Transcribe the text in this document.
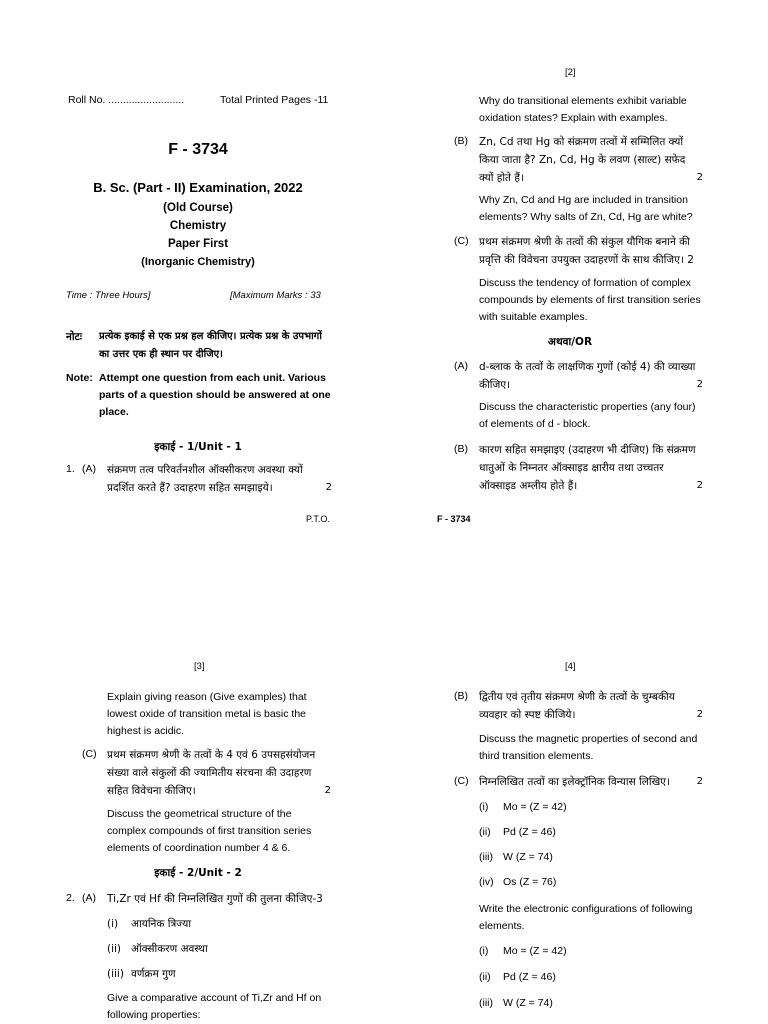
Roll No. ..........................	Total Printed Pages -11
F - 3734
B. Sc. (Part - II) Examination, 2022
(Old Course)
Chemistry
Paper First
(Inorganic Chemistry)
Time : Three Hours]	[Maximum Marks : 33
नोटः प्रत्येक इकाई से एक प्रश्न हल कीजिए। प्रत्येक प्रश्न के उपभागों का उत्तर एक ही स्थान पर दीजिए।
Note: Attempt one question from each unit. Various parts of a question should be answered at one place.
इकाई - 1/Unit - 1
1. (A) संक्रमण तत्व परिवर्तनशील ऑक्सीकरण अवस्था क्यों प्रदर्शित करते हैं? उदाहरण सहित समझाइये।	2
P.T.O.
[2]
Why do transitional elements exhibit variable oxidation states? Explain with examples.
(B) Zn, Cd तथा Hg को संक्रमण तत्वों में सम्मिलित क्यों किया जाता है? Zn, Cd, Hg के लवण (साल्ट) सफेद क्यों होते हैं।	2
Why Zn, Cd and Hg are included in transition elements? Why salts of Zn, Cd, Hg are white?
(C) प्रथम संक्रमण श्रेणी के तत्वों की संकुल यौगिक बनाने की प्रवृत्ति की विवेचना उपयुक्त उदाहरणों के साथ कीजिए। 2
Discuss the tendency of formation of complex compounds by elements of first transition series with suitable examples.
अथवा/OR
(A) d-ब्लाक के तत्वों के लाक्षणिक गुणों (कोई 4) की व्याख्या कीजिए।	2
Discuss the characteristic properties (any four) of elements of d - block.
(B) कारण सहित समझाइए (उदाहरण भी दीजिए) कि संक्रमण धातुओं के निम्नतर ऑक्साइड क्षारीय तथा उच्चतर ऑक्साइड अम्लीय होते हैं।	2
F - 3734
[3]
Explain giving reason (Give examples) that lowest oxide of transition metal is basic the highest is acidic.
(C) प्रथम संक्रमण श्रेणी के तत्वों के 4 एवं 6 उपसहसंयोजन संख्या वाले संकुलों की ज्यामितीय संरचना की उदाहरण सहित विवेचना कीजिए।	2
Discuss the geometrical structure of the complex compounds of first transition series elements of coordination number 4 & 6.
इकाई - 2/Unit - 2
2. (A) Ti,Zr एवं Hf की निम्नलिखित गुणों की तुलना कीजिए-3
(i) आयनिक त्रिज्या
(ii) ऑक्सीकरण अवस्था
(iii) वर्णक्रम गुण
Give a comparative account of Ti,Zr and Hf on following properties:
[4]
(B) द्वितीय एवं तृतीय संक्रमण श्रेणी के तत्वों के चुम्बकीय व्यवहार को स्पष्ट कीजिये।	2
Discuss the magnetic properties of second and third transition elements.
(C) निम्नलिखित तत्वों का इलेक्ट्रॉनिक विन्यास लिखिए।	2
(i) Mo = (Z = 42)
(ii) Pd (Z = 46)
(iii) W (Z = 74)
(iv) Os (Z = 76)
Write the electronic configurations of following elements.
(i) Mo = (Z = 42)
(ii) Pd (Z = 46)
(iii) W (Z = 74)
